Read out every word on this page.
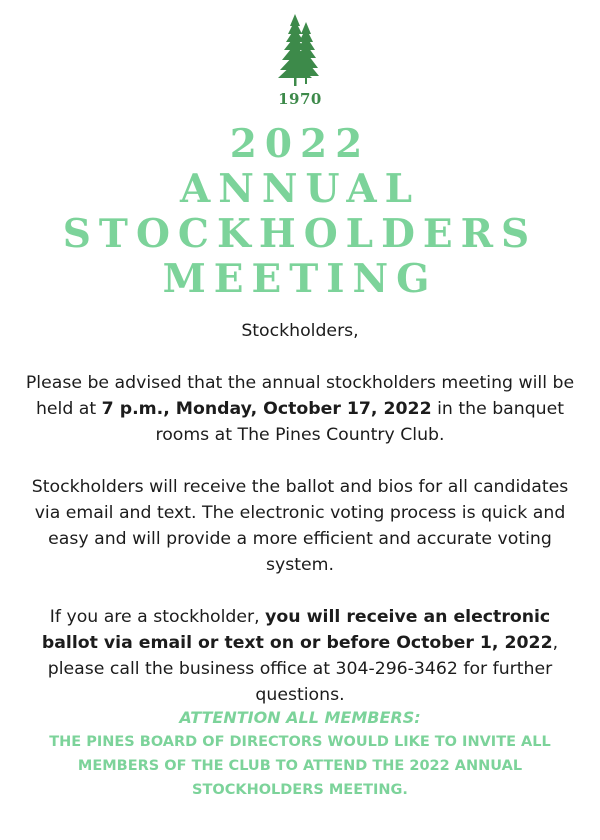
1970
2022
ANNUAL
STOCKHOLDERS
MEETING

Stockholders,

Please be advised that the annual stockholders meeting will be held at 7 p.m., Monday, October 17, 2022 in the banquet rooms at The Pines Country Club.

Stockholders will receive the ballot and bios for all candidates via email and text. The electronic voting process is quick and easy and will provide a more efficient and accurate voting system.

If you are a stockholder, you will receive an electronic ballot via email or text on or before October 1, 2022, please call the business office at 304-296-3462 for further questions.

ATTENTION ALL MEMBERS:
THE PINES BOARD OF DIRECTORS WOULD LIKE TO INVITE ALL MEMBERS OF THE CLUB TO ATTEND THE 2022 ANNUAL STOCKHOLDERS MEETING.
